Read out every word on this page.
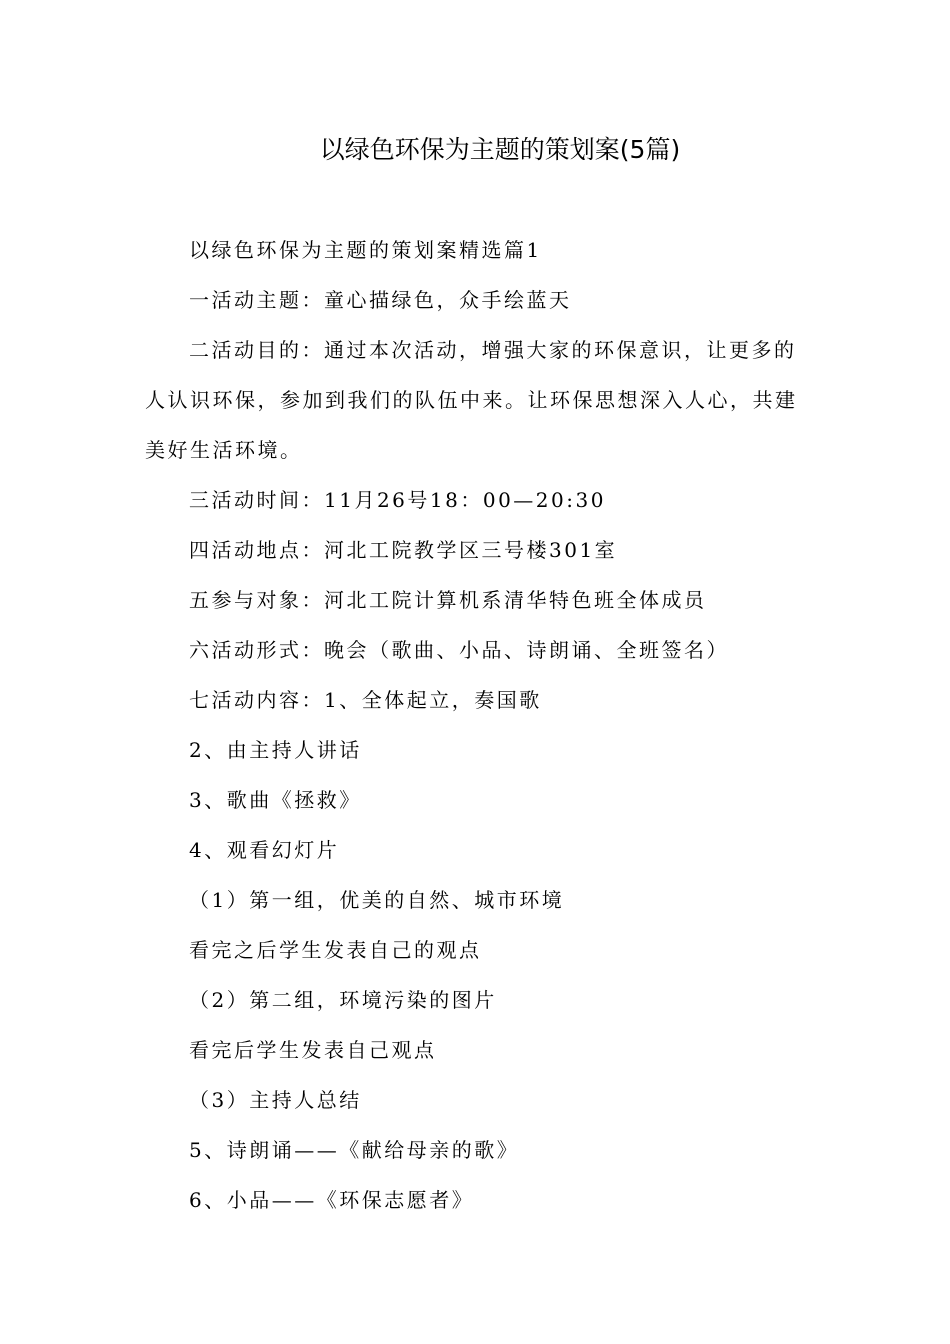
以绿色环保为主题的策划案(5篇)
以绿色环保为主题的策划案精选篇1
一活动主题：童心描绿色，众手绘蓝天
二活动目的：通过本次活动，增强大家的环保意识，让更多的
人认识环保，参加到我们的队伍中来。让环保思想深入人心，共建
美好生活环境。
三活动时间：11月26号18：00—20:30
四活动地点：河北工院教学区三号楼301室
五参与对象：河北工院计算机系清华特色班全体成员
六活动形式：晚会（歌曲、小品、诗朗诵、全班签名）
七活动内容：1、全体起立，奏国歌
2、由主持人讲话
3、歌曲《拯救》
4、观看幻灯片
（1）第一组，优美的自然、城市环境
看完之后学生发表自己的观点
（2）第二组，环境污染的图片
看完后学生发表自己观点
（3）主持人总结
5、诗朗诵——《献给母亲的歌》
6、小品——《环保志愿者》
